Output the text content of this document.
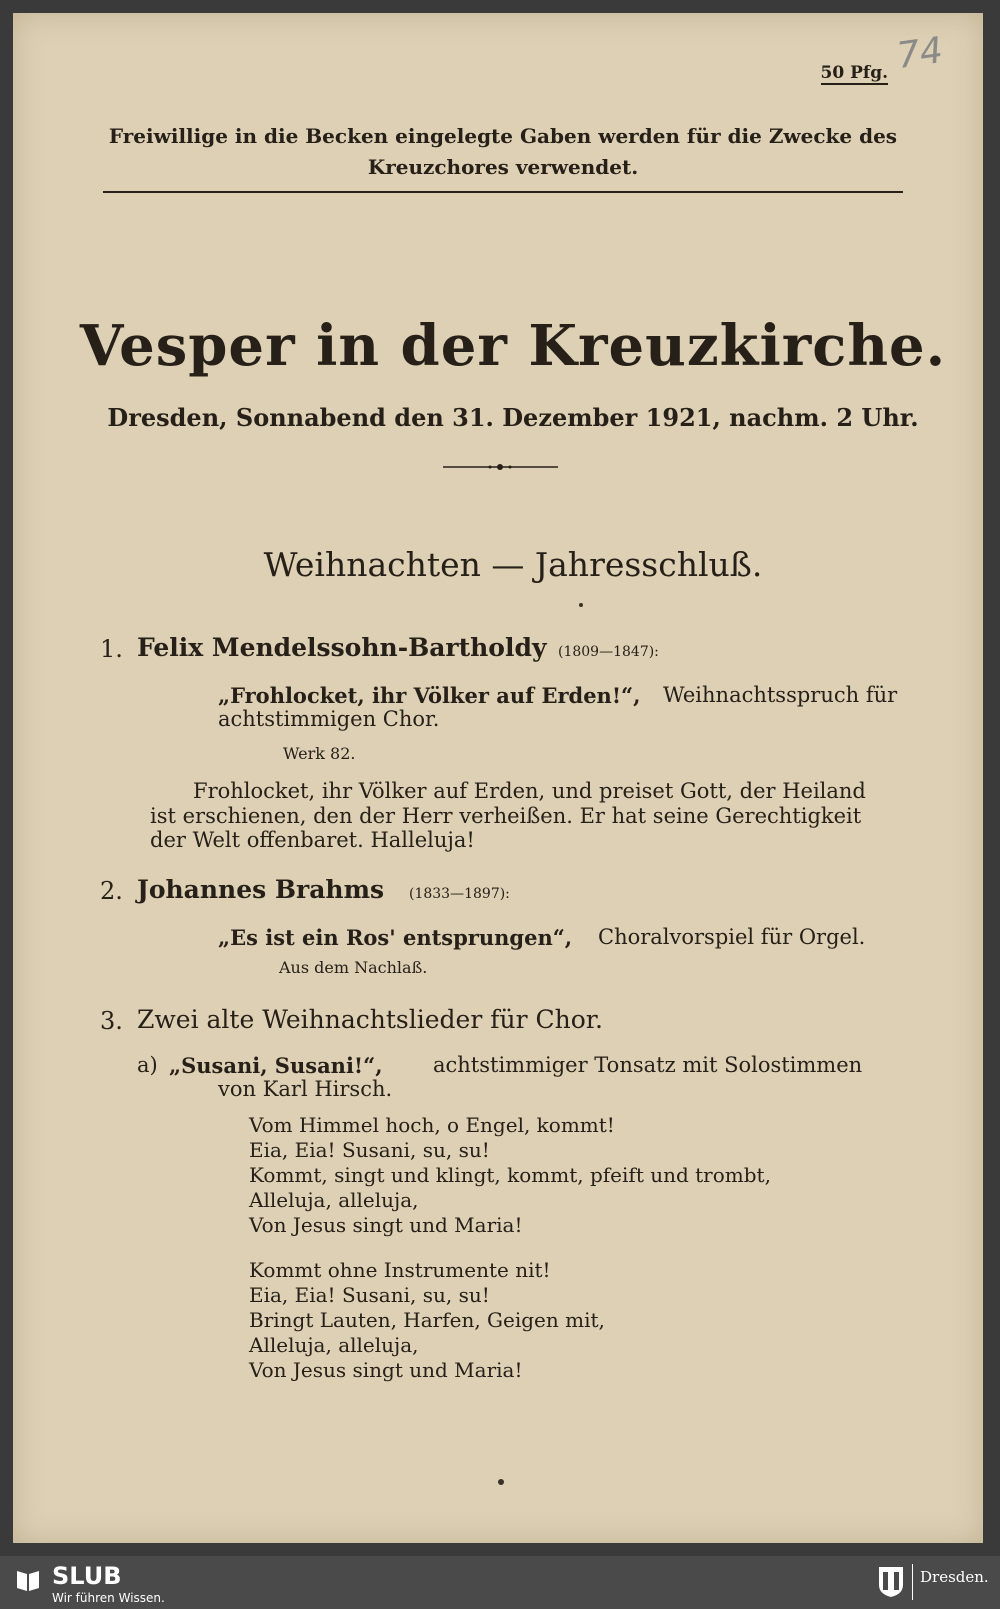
74
50 Pfg.
Freiwillige in die Becken eingelegte Gaben werden für die Zwecke des Kreuzchores verwendet.
Vesper in der Kreuzkirche.
Dresden, Sonnabend den 31. Dezember 1921, nachm. 2 Uhr.
Weihnachten — Jahresschluß.
1. Felix Mendelssohn-Bartholdy (1809—1847):
„Frohlocket, ihr Völker auf Erden!“, Weihnachtsspruch für
achtstimmigen Chor.
Werk 82.
Frohlocket, ihr Völker auf Erden, und preiset Gott, der Heiland
ist erschienen, den der Herr verheißen. Er hat seine Gerechtigkeit
der Welt offenbaret. Halleluja!
2. Johannes Brahms (1833—1897):
„Es ist ein Ros' entsprungen“, Choralvorspiel für Orgel.
Aus dem Nachlaß.
3. Zwei alte Weihnachtslieder für Chor.
a) „Susani, Susani!“, achtstimmiger Tonsatz mit Solostimmen
von Karl Hirsch.
Vom Himmel hoch, o Engel, kommt!
Eia, Eia! Susani, su, su!
Kommt, singt und klingt, kommt, pfeift und trombt,
Alleluja, alleluja,
Von Jesus singt und Maria!
Kommt ohne Instrumente nit!
Eia, Eia! Susani, su, su!
Bringt Lauten, Harfen, Geigen mit,
Alleluja, alleluja,
Von Jesus singt und Maria!
SLUB
Wir führen Wissen.
Dresden.
